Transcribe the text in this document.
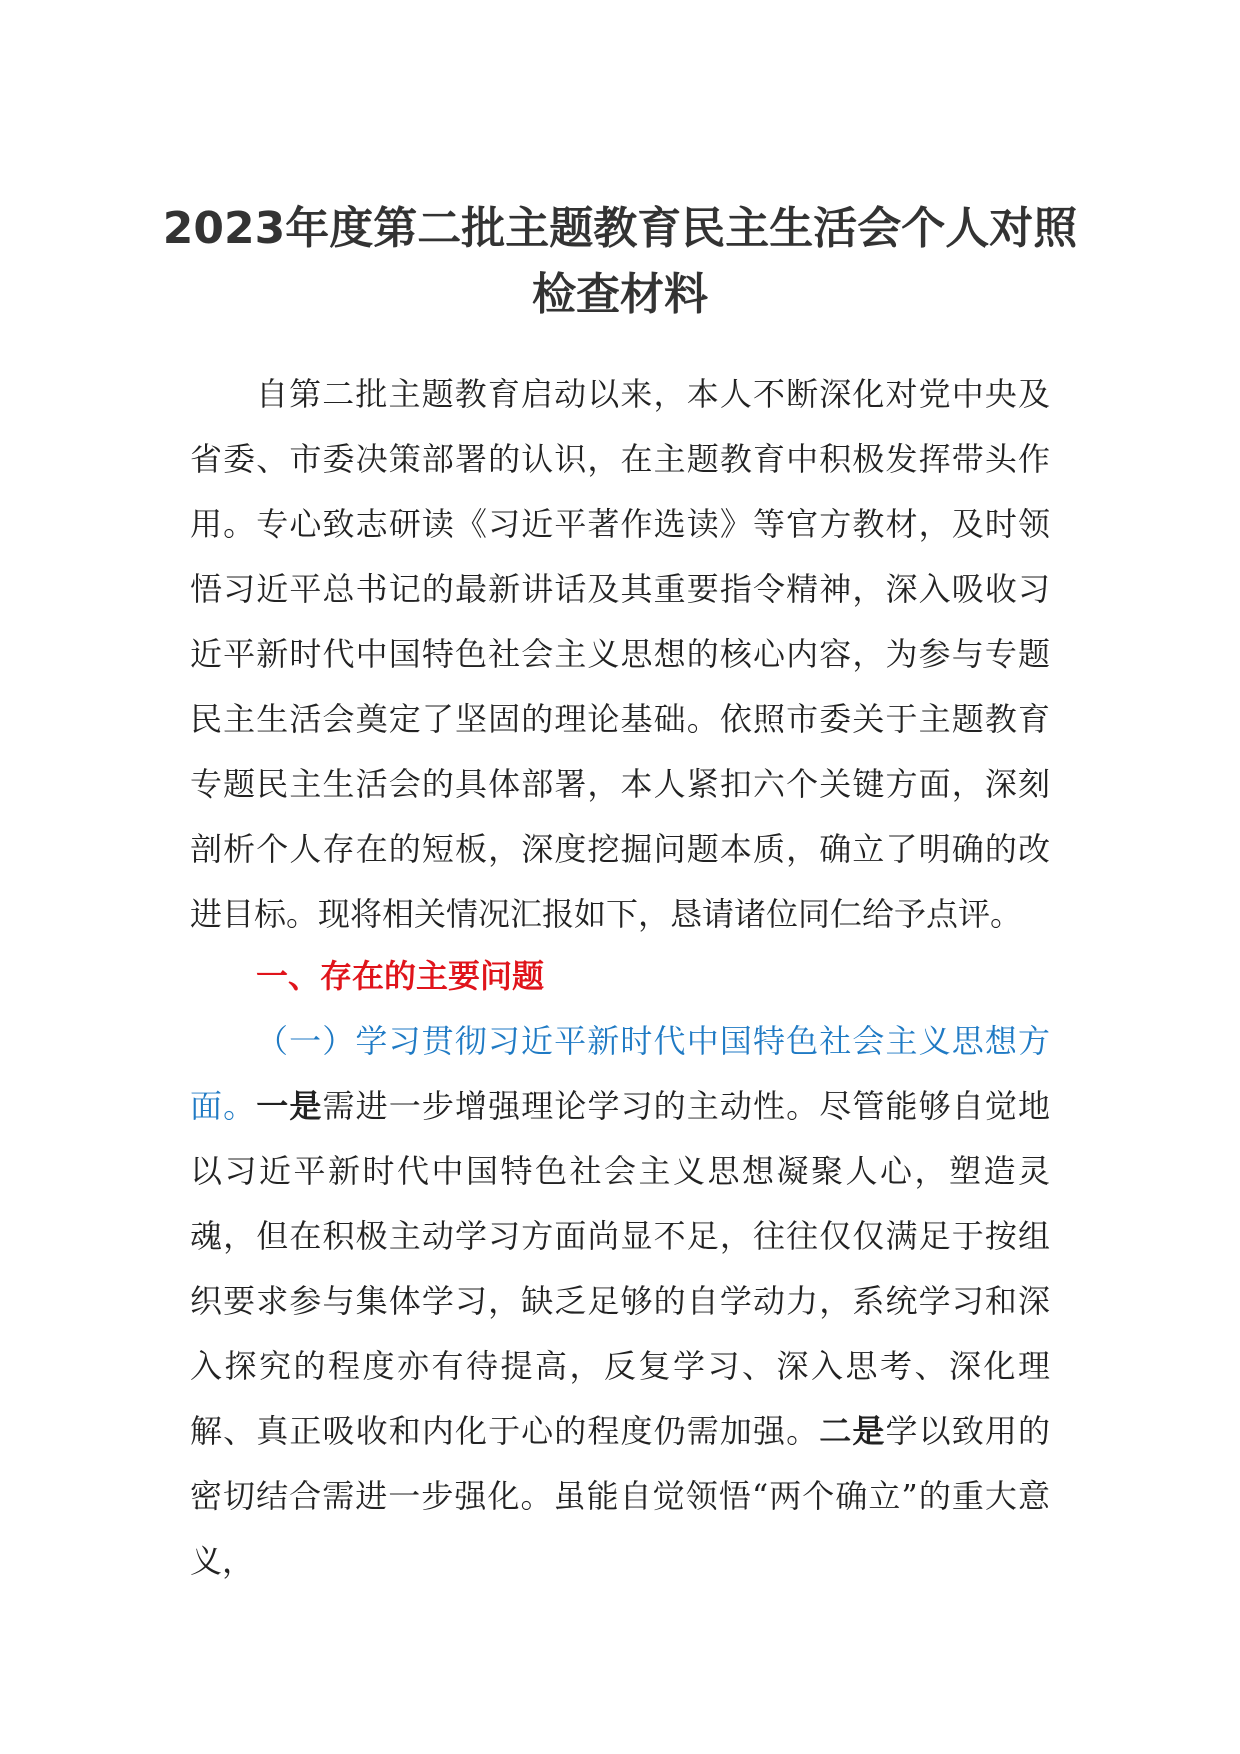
2023年度第二批主题教育民主生活会个人对照检查材料

自第二批主题教育启动以来，本人不断深化对党中央及省委、市委决策部署的认识，在主题教育中积极发挥带头作用。专心致志研读《习近平著作选读》等官方教材，及时领悟习近平总书记的最新讲话及其重要指令精神，深入吸收习近平新时代中国特色社会主义思想的核心内容，为参与专题民主生活会奠定了坚固的理论基础。依照市委关于主题教育专题民主生活会的具体部署，本人紧扣六个关键方面，深刻剖析个人存在的短板，深度挖掘问题本质，确立了明确的改进目标。现将相关情况汇报如下，恳请诸位同仁给予点评。

一、存在的主要问题

（一）学习贯彻习近平新时代中国特色社会主义思想方面。一是需进一步增强理论学习的主动性。尽管能够自觉地以习近平新时代中国特色社会主义思想凝聚人心，塑造灵魂，但在积极主动学习方面尚显不足，往往仅仅满足于按组织要求参与集体学习，缺乏足够的自学动力，系统学习和深入探究的程度亦有待提高，反复学习、深入思考、深化理解、真正吸收和内化于心的程度仍需加强。二是学以致用的密切结合需进一步强化。虽能自觉领悟“两个确立”的重大意义，
